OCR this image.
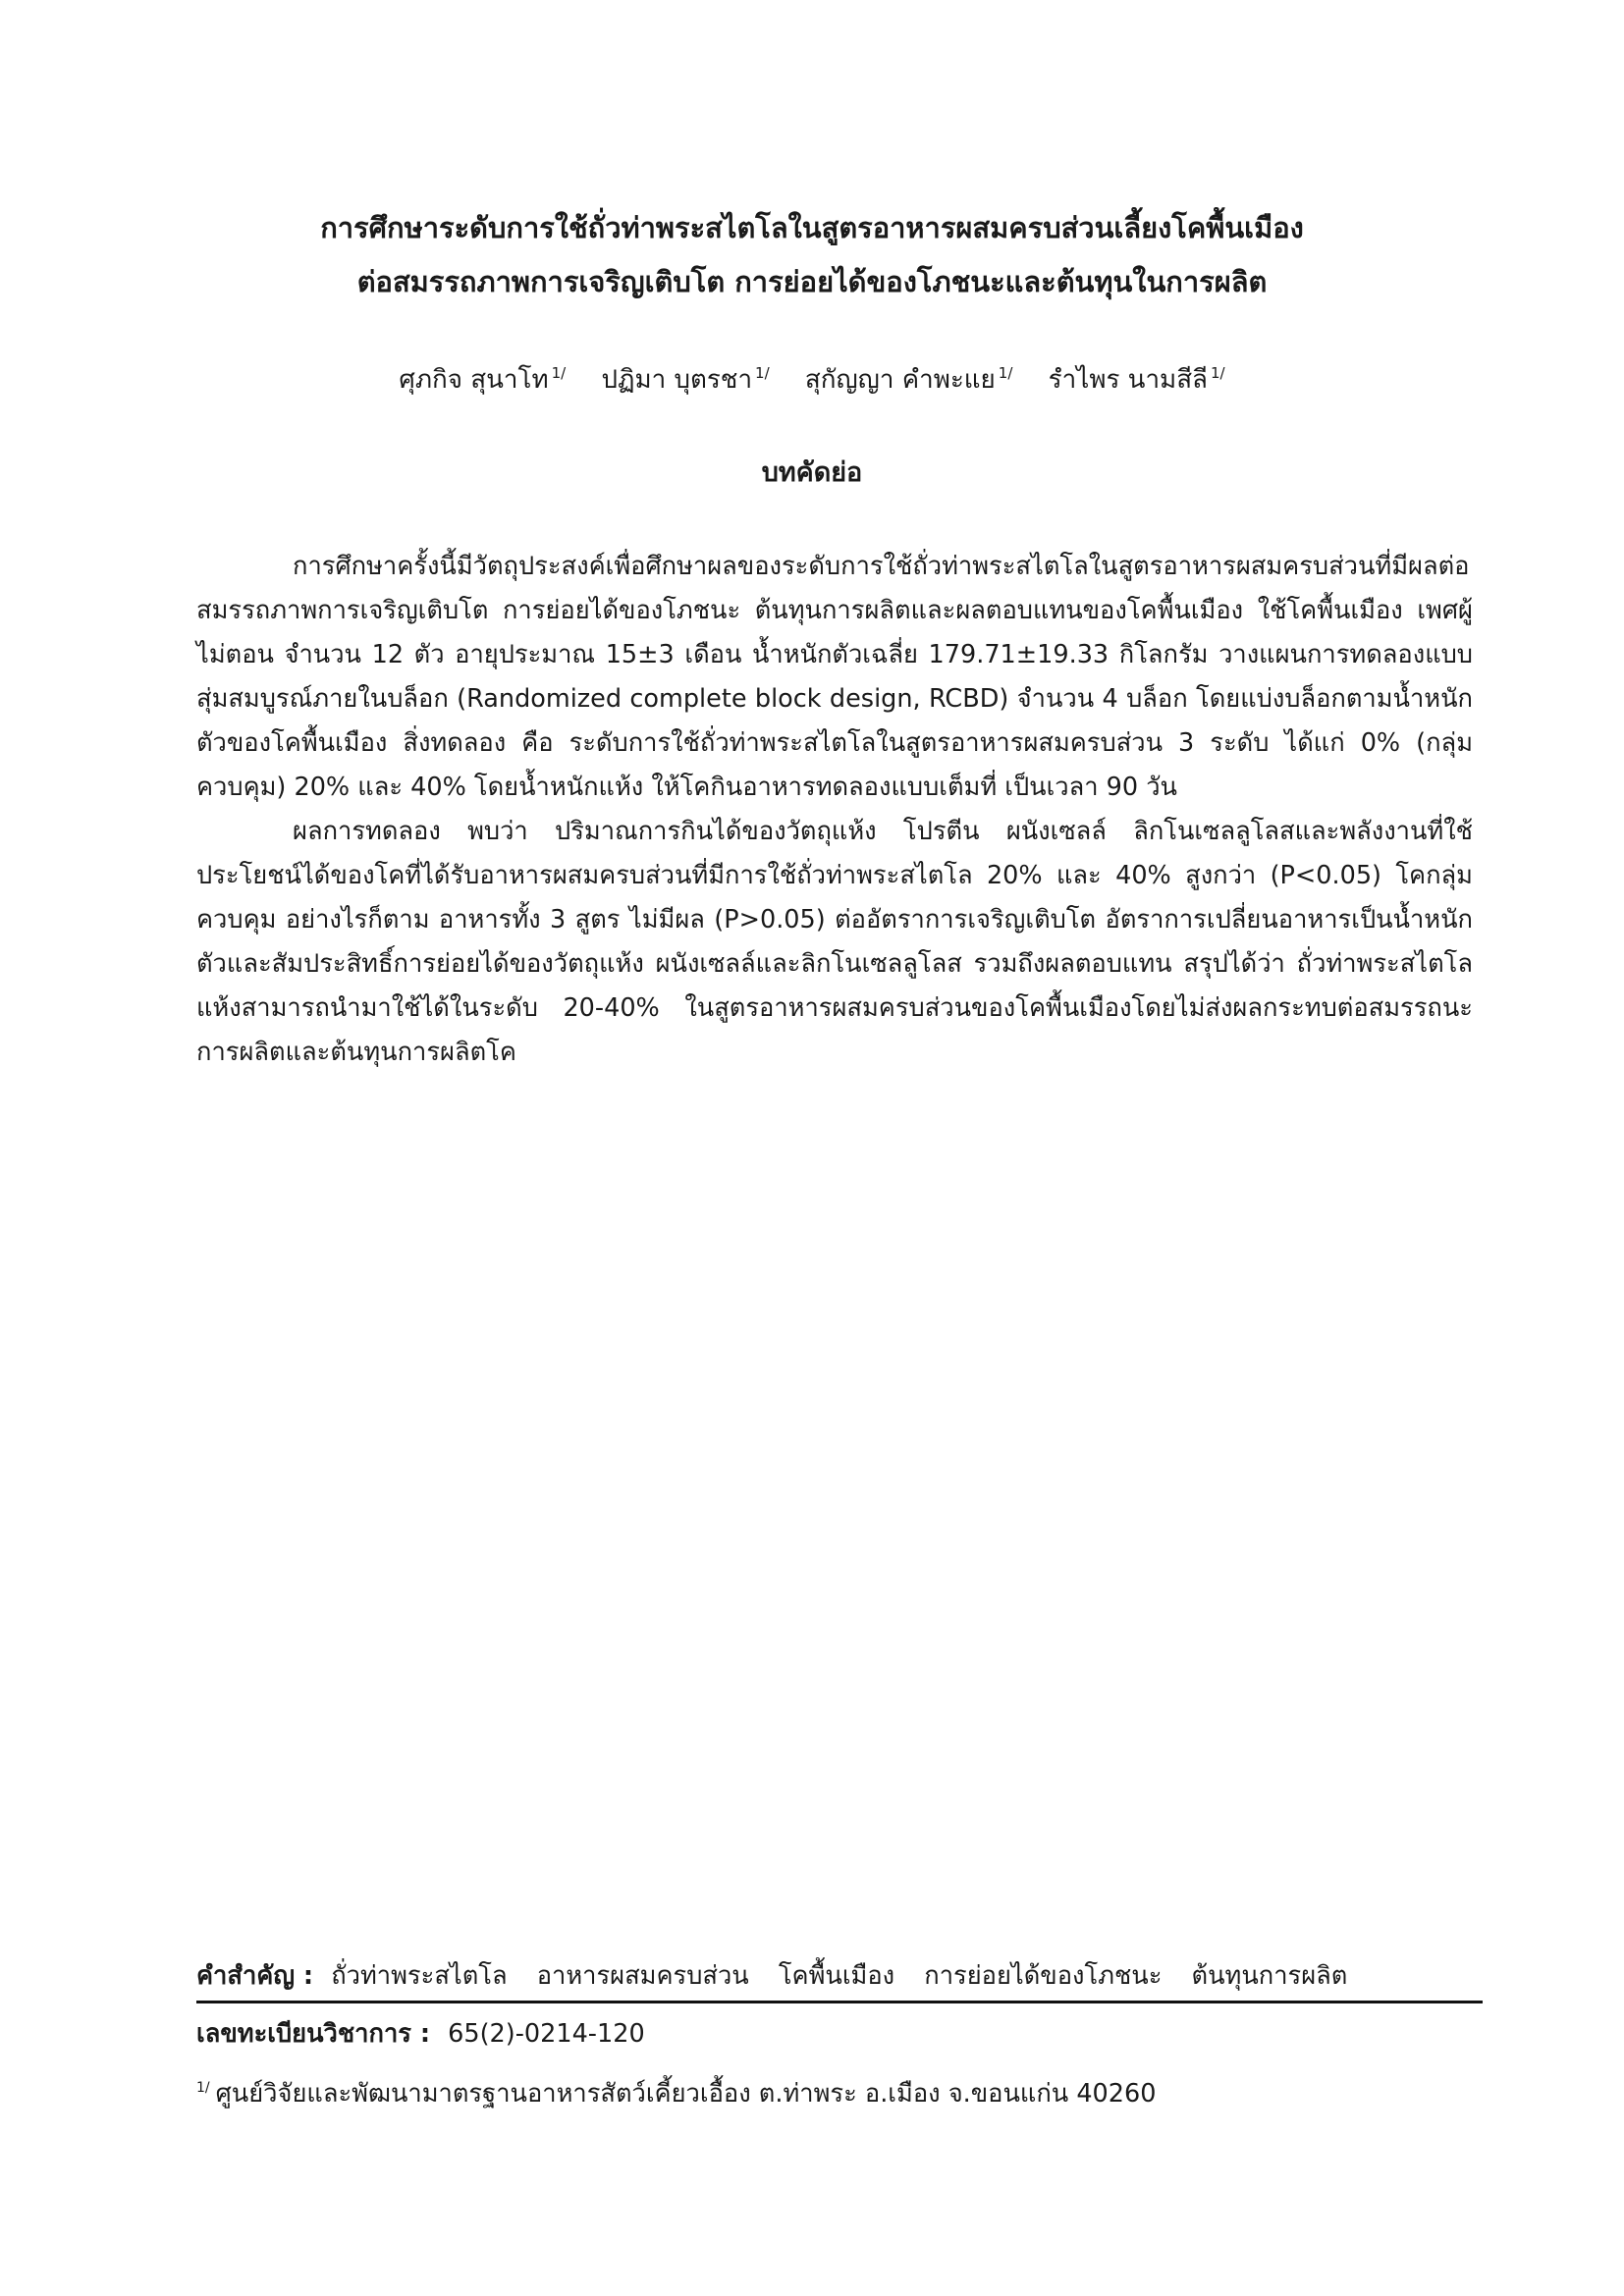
การศึกษาระดับการใช้ถั่วท่าพระสไตโลในสูตรอาหารผสมครบส่วนเลี้ยงโคพื้นเมือง
ต่อสมรรถภาพการเจริญเติบโต การย่อยได้ของโภชนะและต้นทุนในการผลิต
ศุภกิจ สุนาโท $^{1/}$ ปฏิมา บุตรชา $^{1/}$ สุกัญญา คำพะแย $^{1/}$ รำไพร นามสีลี $^{1/}$
บทคัดย่อ

การศึกษาครั้งนี้มีวัตถุประสงค์เพื่อศึกษาผลของระดับการใช้ถั่วท่าพระสไตโลในสูตรอาหารผสมครบส่วนที่มีผลต่อสมรรถภาพการเจริญเติบโต การย่อยได้ของโภชนะ ต้นทุนการผลิตและผลตอบแทนของโคพื้นเมือง ใช้โคพื้นเมือง เพศผู้ ไม่ตอน จำนวน 12 ตัว อายุประมาณ 15±3 เดือน น้ำหนักตัวเฉลี่ย 179.71±19.33 กิโลกรัม วางแผนการทดลองแบบสุ่มสมบูรณ์ภายในบล็อก (Randomized complete block design, RCBD) จำนวน 4 บล็อก โดยแบ่งบล็อกตามน้ำหนักตัวของโคพื้นเมือง สิ่งทดลอง คือ ระดับการใช้ถั่วท่าพระสไตโลในสูตรอาหารผสมครบส่วน 3 ระดับ ได้แก่ 0% (กลุ่มควบคุม) 20% และ 40% โดยน้ำหนักแห้ง ให้โคกินอาหารทดลองแบบเต็มที่ เป็นเวลา 90 วัน

ผลการทดลอง พบว่า ปริมาณการกินได้ของวัตถุแห้ง โปรตีน ผนังเซลล์ ลิกโนเซลลูโลสและพลังงานที่ใช้ประโยชน์ได้ของโคที่ได้รับอาหารผสมครบส่วนที่มีการใช้ถั่วท่าพระสไตโล 20% และ 40% สูงกว่า (P<0.05) โคกลุ่มควบคุม อย่างไรก็ตาม อาหารทั้ง 3 สูตร ไม่มีผล (P>0.05) ต่ออัตราการเจริญเติบโต อัตราการเปลี่ยนอาหารเป็นน้ำหนักตัวและสัมประสิทธิ์การย่อยได้ของวัตถุแห้ง ผนังเซลล์และลิกโนเซลลูโลส รวมถึงผลตอบแทน สรุปได้ว่า ถั่วท่าพระสไตโลแห้งสามารถนำมาใช้ได้ในระดับ 20-40% ในสูตรอาหารผสมครบส่วนของโคพื้นเมืองโดยไม่ส่งผลกระทบต่อสมรรถนะการผลิตและต้นทุนการผลิตโค

คำสำคัญ : ถั่วท่าพระสไตโล อาหารผสมครบส่วน โคพื้นเมือง การย่อยได้ของโภชนะ ต้นทุนการผลิต
เลขทะเบียนวิชาการ : 65(2)-0214-120
$^{1/}$ ศูนย์วิจัยและพัฒนามาตรฐานอาหารสัตว์เคี้ยวเอื้อง ต.ท่าพระ อ.เมือง จ.ขอนแก่น 40260
